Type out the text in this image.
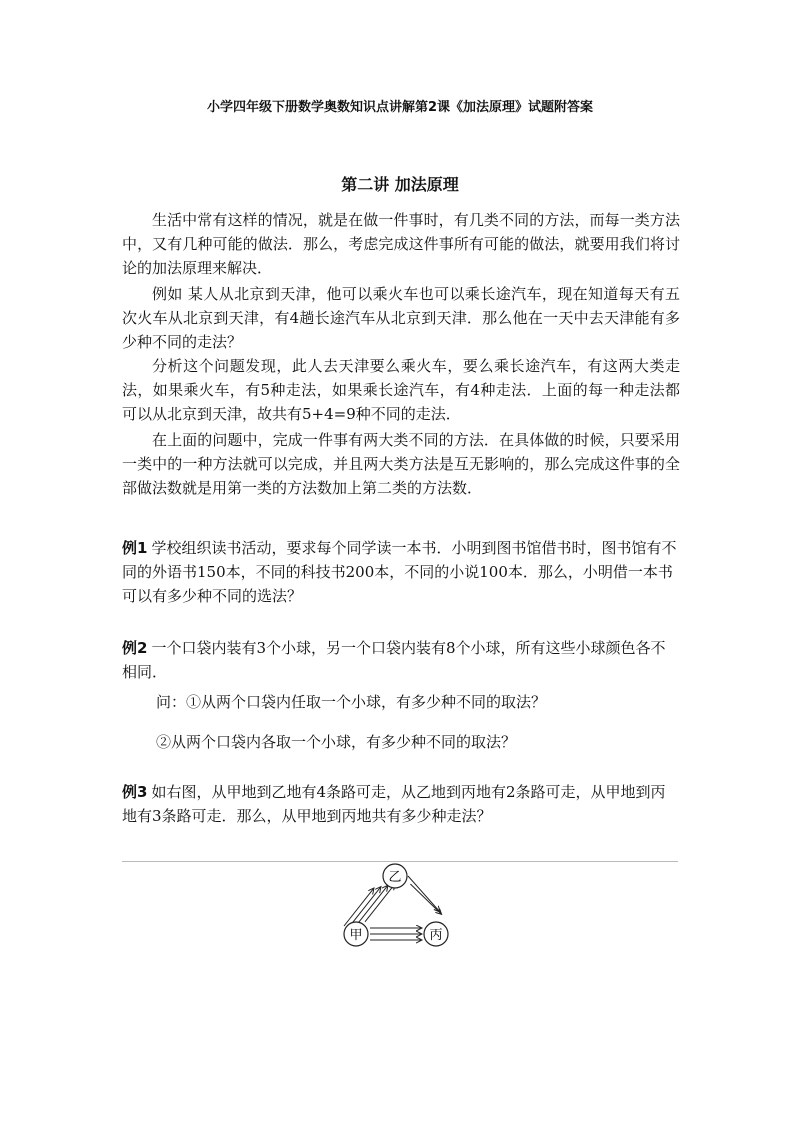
小学四年级下册数学奥数知识点讲解第2课《加法原理》试题附答案
第二讲 加法原理

生活中常有这样的情况，就是在做一件事时，有几类不同的方法，而每一类方法中，又有几种可能的做法．那么，考虑完成这件事所有可能的做法，就要用我们将讨论的加法原理来解决．

例如 某人从北京到天津，他可以乘火车也可以乘长途汽车，现在知道每天有五次火车从北京到天津，有4趟长途汽车从北京到天津．那么他在一天中去天津能有多少种不同的走法？

分析这个问题发现，此人去天津要么乘火车，要么乘长途汽车，有这两大类走法，如果乘火车，有5种走法，如果乘长途汽车，有4种走法．上面的每一种走法都可以从北京到天津，故共有5+4=9种不同的走法．

在上面的问题中，完成一件事有两大类不同的方法．在具体做的时候，只要采用一类中的一种方法就可以完成，并且两大类方法是互无影响的，那么完成这件事的全部做法数就是用第一类的方法数加上第二类的方法数．

例1 学校组织读书活动，要求每个同学读一本书．小明到图书馆借书时，图书馆有不同的外语书150本，不同的科技书200本，不同的小说100本．那么，小明借一本书可以有多少种不同的选法？

例2 一个口袋内装有3个小球，另一个口袋内装有8个小球，所有这些小球颜色各不相同．

问：①从两个口袋内任取一个小球，有多少种不同的取法？

②从两个口袋内各取一个小球，有多少种不同的取法？

例3 如右图，从甲地到乙地有4条路可走，从乙地到丙地有2条路可走，从甲地到丙地有3条路可走．那么，从甲地到丙地共有多少种走法？

乙
甲	丙
